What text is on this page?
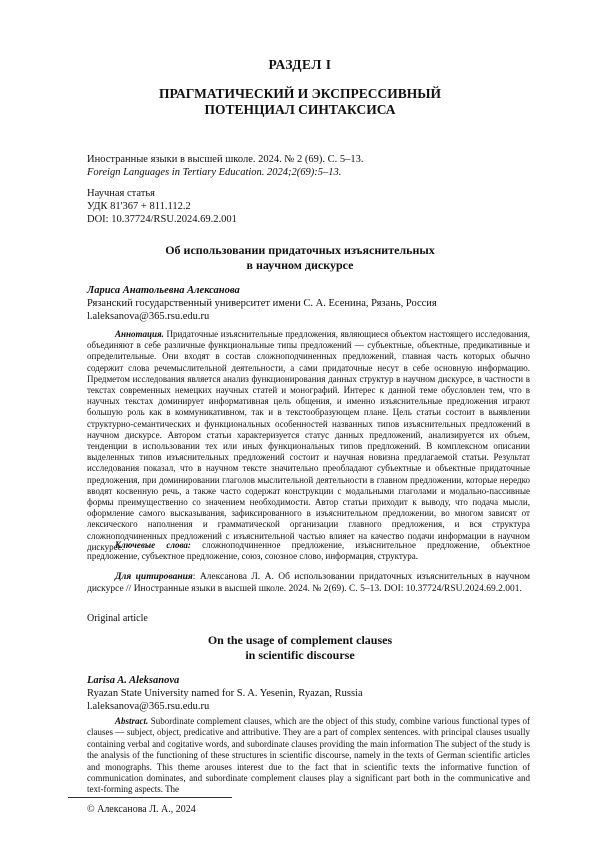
РАЗДЕЛ I
ПРАГМАТИЧЕСКИЙ И ЭКСПРЕССИВНЫЙ
ПОТЕНЦИАЛ СИНТАКСИСА
Иностранные языки в высшей школе. 2024. № 2 (69). С. 5–13.
Foreign Languages in Tertiary Education. 2024;2(69):5–13.
Научная статья
УДК 81'367 + 811.112.2
DOI: 10.37724/RSU.2024.69.2.001
Об использовании придаточных изъяснительных
в научном дискурсе
Лариса Анатольевна Алексанова
Рязанский государственный университет имени С. А. Есенина, Рязань, Россия
l.aleksanova@365.rsu.edu.ru
Аннотация. Придаточные изъяснительные предложения, являющиеся объектом настоящего исследования, объединяют в себе различные функциональные типы предложений — субъектные, объектные, предикативные и определительные. Они входят в состав сложноподчиненных предложений, главная часть которых обычно содержит слова речемыслительной деятельности, а сами придаточные несут в себе основную информацию. Предметом исследования является анализ функционирования данных структур в научном дискурсе, в частности в текстах современных немецких научных статей и монографий. Интерес к данной теме обусловлен тем, что в научных текстах доминирует информативная цель общения, и именно изъяснительные предложения играют большую роль как в коммуникативном, так и в текстообразующем плане. Цель статьи состоит в выявлении структурно-семантических и функциональных особенностей названных типов изъяснительных предложений в научном дискурсе. Автором статьи характеризуется статус данных предложений, анализируется их объем, тенденции в использовании тех или иных функциональных типов предложений. В комплексном описании выделенных типов изъяснительных предложений состоит и научная новизна предлагаемой статьи. Результат исследования показал, что в научном тексте значительно преобладают субъектные и объектные придаточные предложения, при доминировании глаголов мыслительной деятельности в главном предложении, которые нередко вводят косвенную речь, а также часто содержат конструкции с модальными глаголами и модально-пассивные формы преимущественно со значением необходимости. Автор статьи приходит к выводу, что подача мысли, оформление самого высказывания, зафиксированного в изъяснительном предложении, во многом зависят от лексического наполнения и грамматической организации главного предложения, и вся структура сложноподчиненных предложений с изъяснительной частью влияет на качество подачи информации в научном дискурсе.
Ключевые слова: сложноподчиненное предложение, изъяснительное предложение, объектное предложение, субъектное предложение, союз, союзное слово, информация, структура.
Для цитирования: Алексанова Л. А. Об использовании придаточных изъяснительных в научном дискурсе // Иностранные языки в высшей школе. 2024. № 2(69). С. 5–13. DOI: 10.37724/RSU.2024.69.2.001.
Original article
On the usage of complement clauses
in scientific discourse
Larisa A. Aleksanova
Ryazan State University named for S. A. Yesenin, Ryazan, Russia
l.aleksanova@365.rsu.edu.ru
Abstract. Subordinate complement clauses, which are the object of this study, combine various functional types of clauses — subject, object, predicative and attributive. They are a part of complex sentences. with principal clauses usually containing verbal and cogitative words, and subordinate clauses providing the main information The subject of the study is the analysis of the functioning of these structures in scientific discourse, namely in the texts of German scientific articles and monographs. This theme arouses interest due to the fact that in scientific texts the informative function of communication dominates, and subordinate complement clauses play a significant part both in the communicative and text-forming aspects. The
© Алексанова Л. А., 2024
